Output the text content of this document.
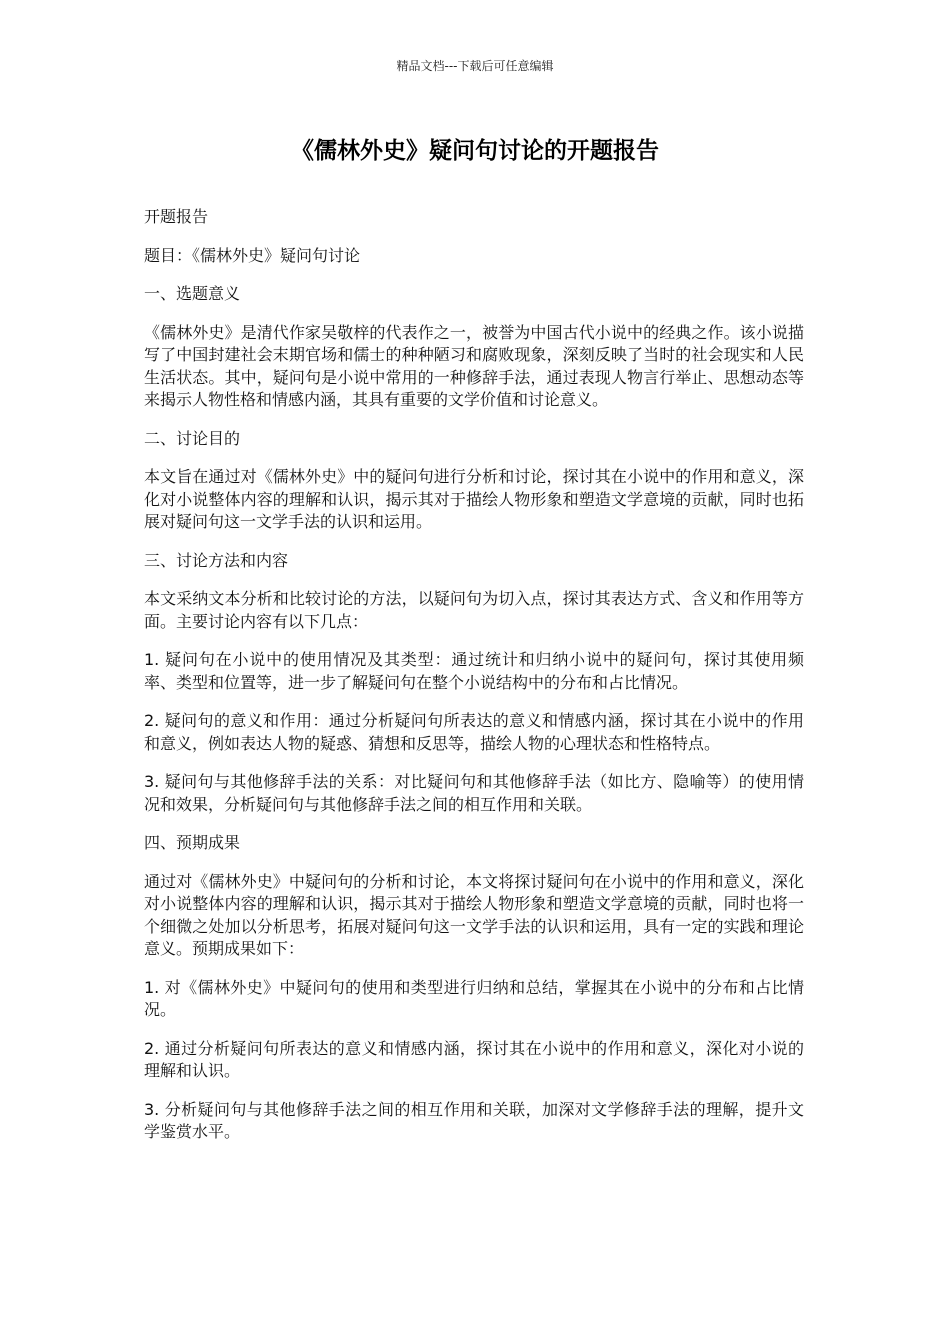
精品文档---下载后可任意编辑
《儒林外史》疑问句讨论的开题报告

开题报告

题目：《儒林外史》疑问句讨论

一、选题意义

《儒林外史》是清代作家吴敬梓的代表作之一，被誉为中国古代小说中的经典之作。该小说描写了中国封建社会末期官场和儒士的种种陋习和腐败现象，深刻反映了当时的社会现实和人民生活状态。其中，疑问句是小说中常用的一种修辞手法，通过表现人物言行举止、思想动态等来揭示人物性格和情感内涵，其具有重要的文学价值和讨论意义。

二、讨论目的

本文旨在通过对《儒林外史》中的疑问句进行分析和讨论，探讨其在小说中的作用和意义，深化对小说整体内容的理解和认识，揭示其对于描绘人物形象和塑造文学意境的贡献，同时也拓展对疑问句这一文学手法的认识和运用。

三、讨论方法和内容

本文采纳文本分析和比较讨论的方法，以疑问句为切入点，探讨其表达方式、含义和作用等方面。主要讨论内容有以下几点：

1. 疑问句在小说中的使用情况及其类型：通过统计和归纳小说中的疑问句，探讨其使用频率、类型和位置等，进一步了解疑问句在整个小说结构中的分布和占比情况。

2. 疑问句的意义和作用：通过分析疑问句所表达的意义和情感内涵，探讨其在小说中的作用和意义，例如表达人物的疑惑、猜想和反思等，描绘人物的心理状态和性格特点。

3. 疑问句与其他修辞手法的关系：对比疑问句和其他修辞手法（如比方、隐喻等）的使用情况和效果，分析疑问句与其他修辞手法之间的相互作用和关联。

四、预期成果

通过对《儒林外史》中疑问句的分析和讨论，本文将探讨疑问句在小说中的作用和意义，深化对小说整体内容的理解和认识，揭示其对于描绘人物形象和塑造文学意境的贡献，同时也将一个细微之处加以分析思考，拓展对疑问句这一文学手法的认识和运用，具有一定的实践和理论意义。预期成果如下：

1. 对《儒林外史》中疑问句的使用和类型进行归纳和总结，掌握其在小说中的分布和占比情况。

2. 通过分析疑问句所表达的意义和情感内涵，探讨其在小说中的作用和意义，深化对小说的理解和认识。

3. 分析疑问句与其他修辞手法之间的相互作用和关联，加深对文学修辞手法的理解，提升文学鉴赏水平。
